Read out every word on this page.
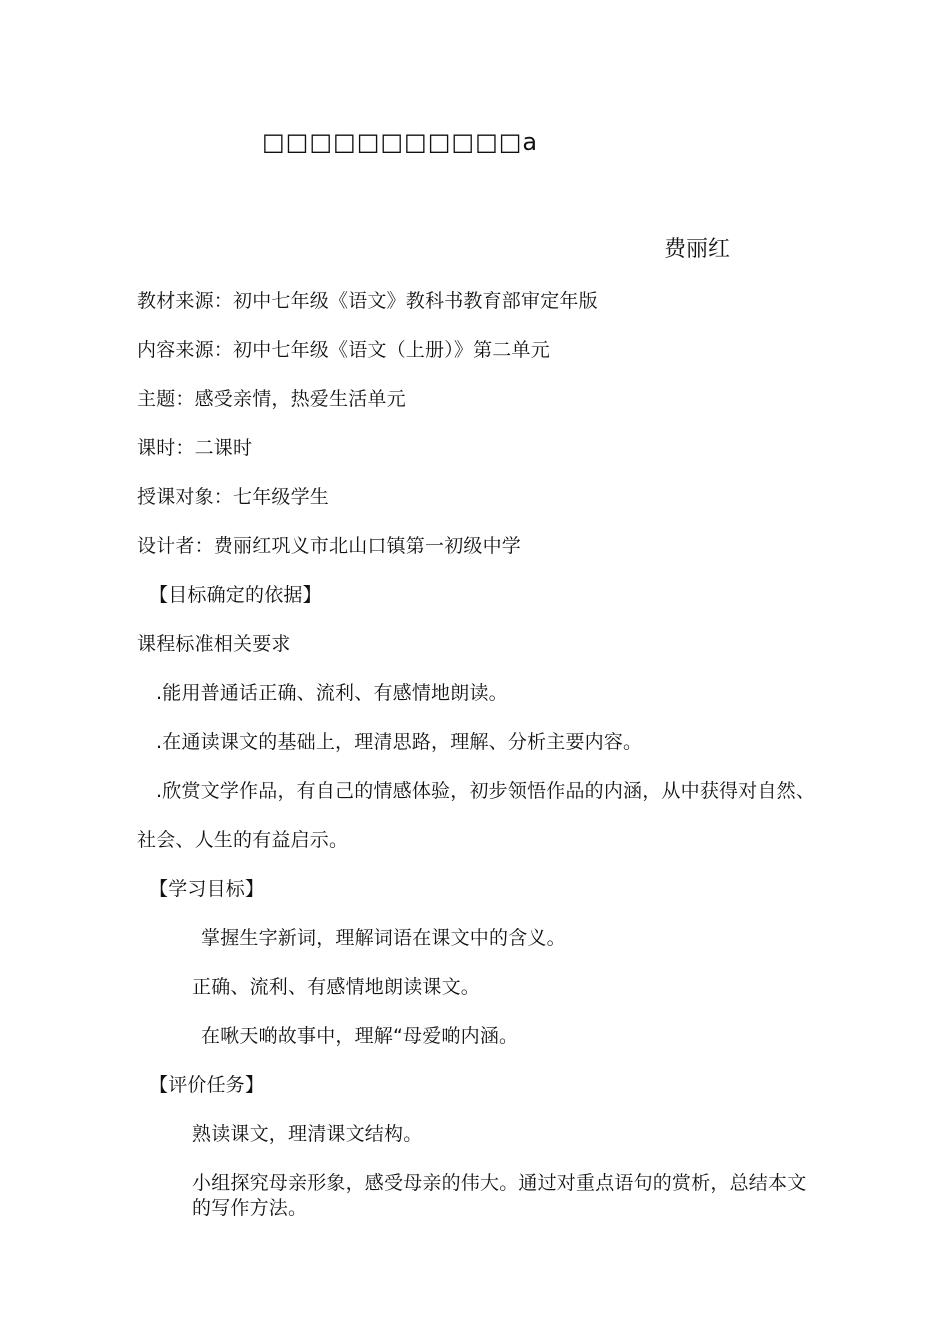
□□□□□□□□□□□a
费丽红
教材来源：初中七年级《语文》教科书教育部审定年版
内容来源：初中七年级《语文（上册）》第二单元
主题：感受亲情，热爱生活单元
课时：二课时
授课对象：七年级学生
设计者：费丽红巩义市北山口镇第一初级中学
【目标确定的依据】
课程标准相关要求
.能用普通话正确、流利、有感情地朗读。
.在通读课文的基础上，理清思路，理解、分析主要内容。
.欣赏文学作品，有自己的情感体验，初步领悟作品的内涵，从中获得对自然、
社会、人生的有益启示。
【学习目标】
掌握生字新词，理解词语在课文中的含义。
正确、流利、有感情地朗读课文。
在啾天啲故事中，理解“母爱啲内涵。
【评价任务】
熟读课文，理清课文结构。
小组探究母亲形象，感受母亲的伟大。通过对重点语句的赏析，总结本文的写作方法。
